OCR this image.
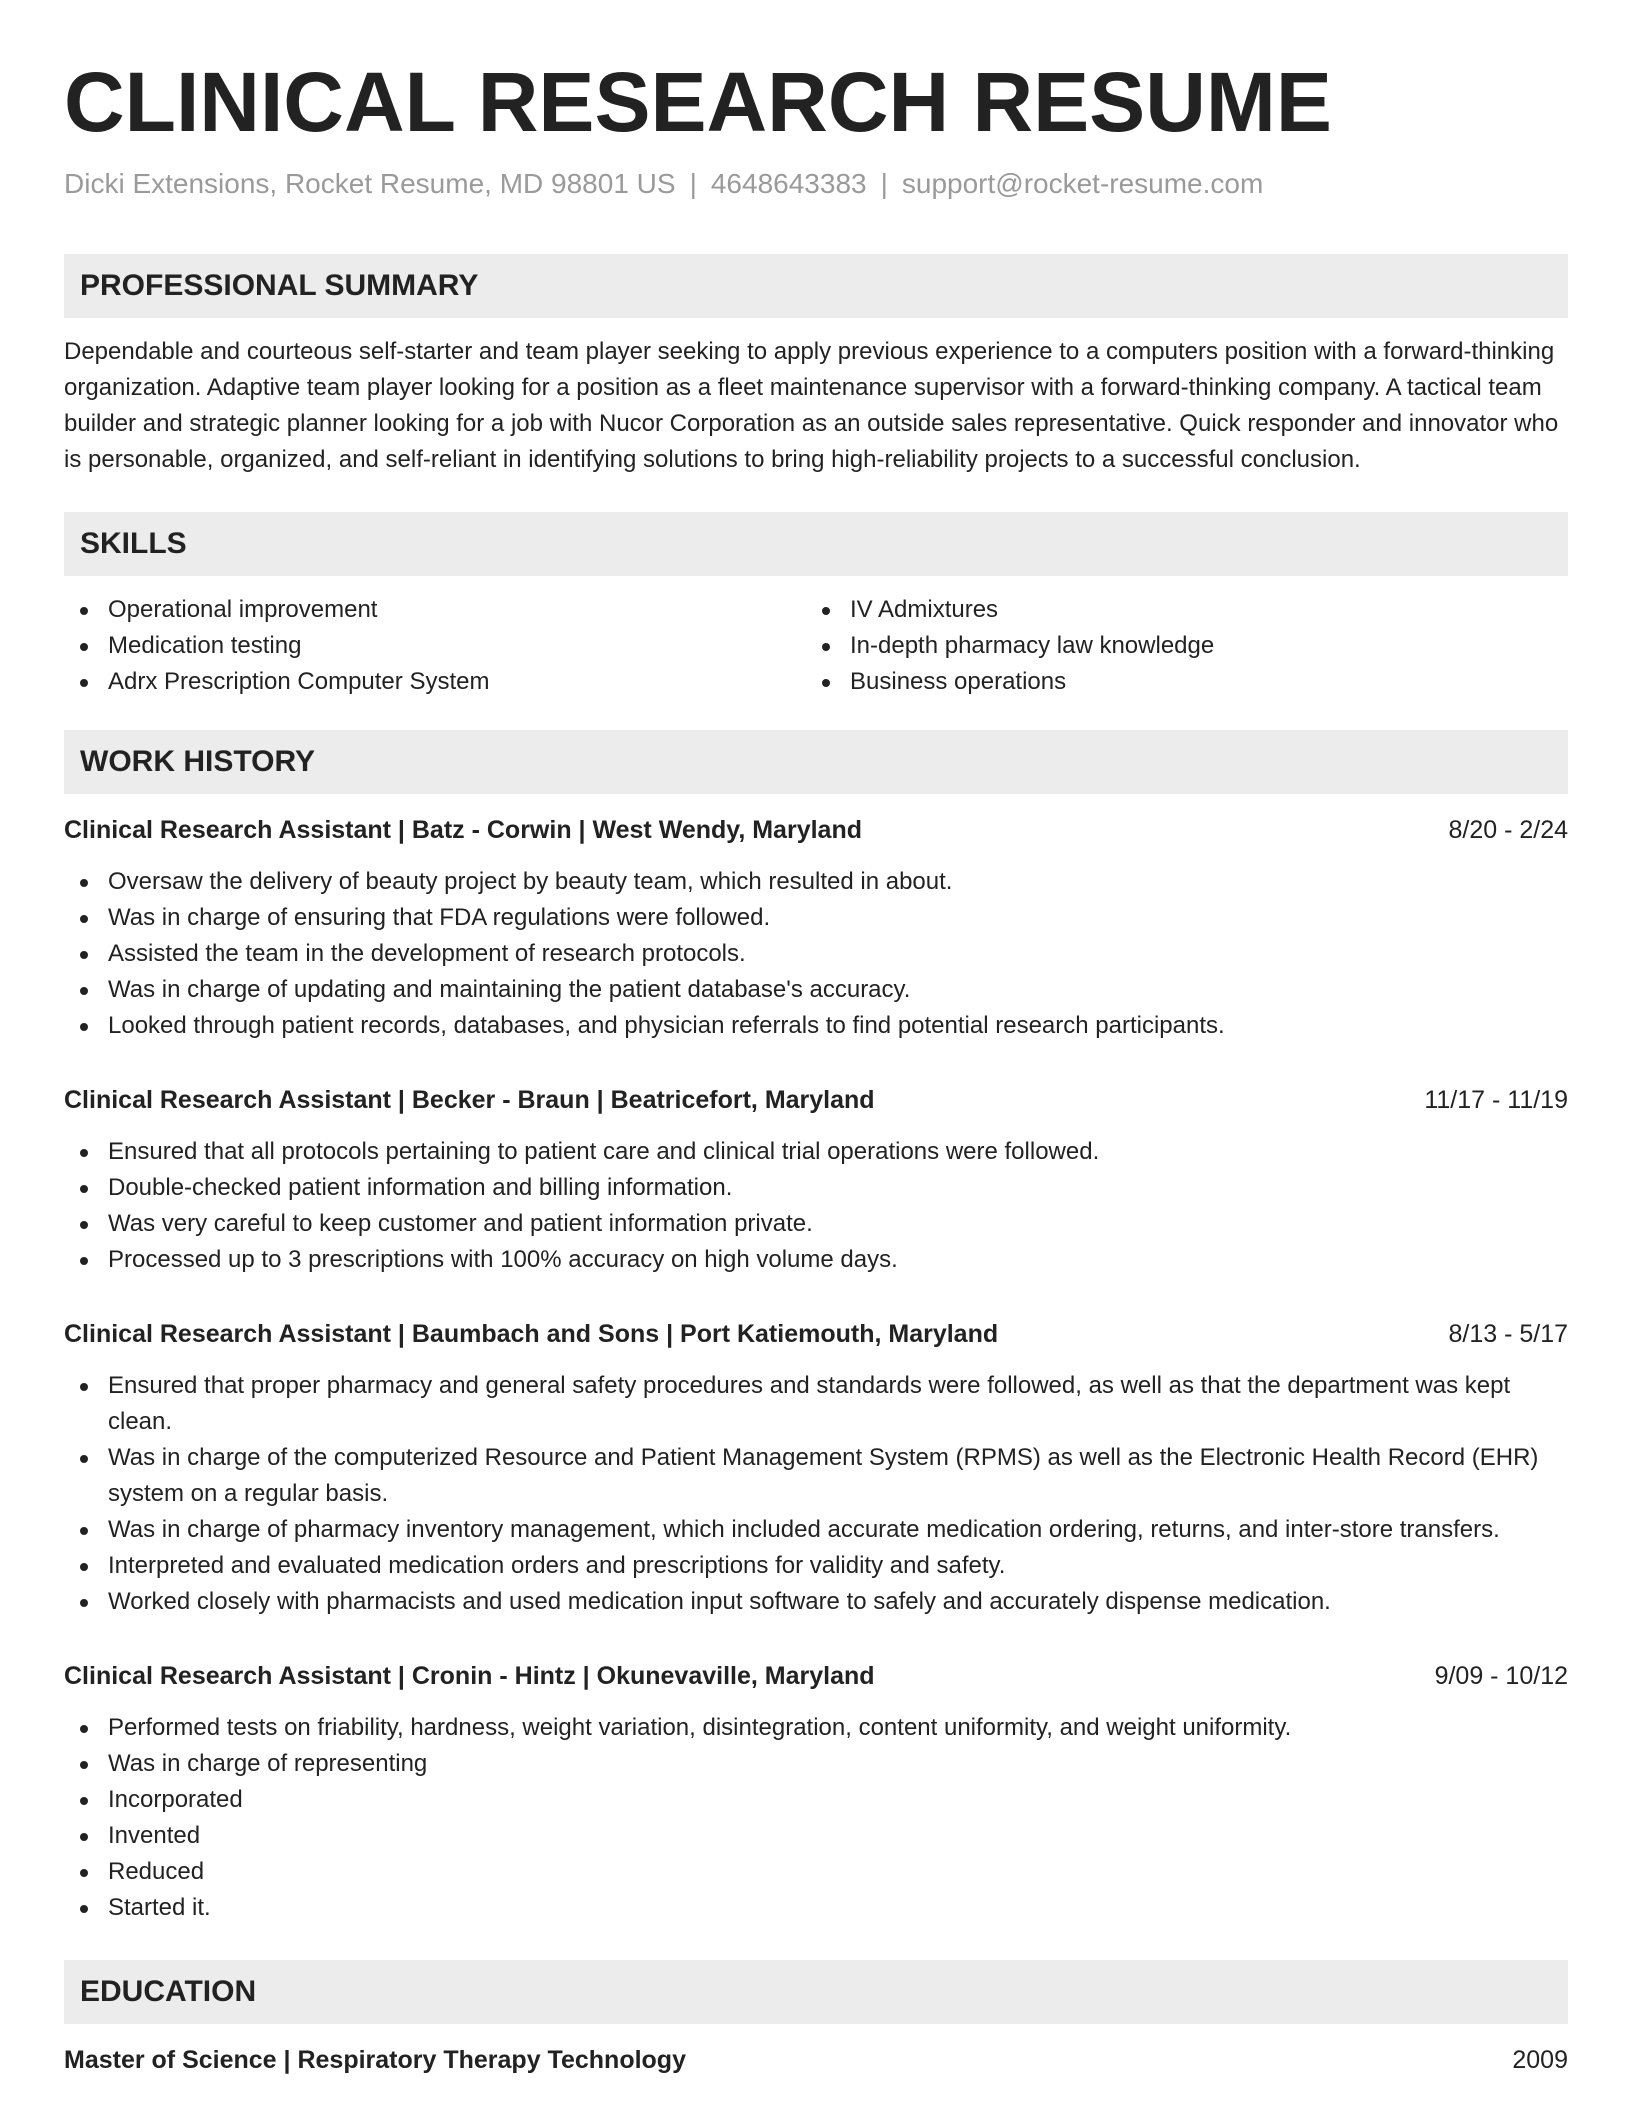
CLINICAL RESEARCH RESUME
Dicki Extensions, Rocket Resume, MD 98801 US | 4648643383 | support@rocket-resume.com
PROFESSIONAL SUMMARY
Dependable and courteous self-starter and team player seeking to apply previous experience to a computers position with a forward-thinking organization. Adaptive team player looking for a position as a fleet maintenance supervisor with a forward-thinking company. A tactical team builder and strategic planner looking for a job with Nucor Corporation as an outside sales representative. Quick responder and innovator who is personable, organized, and self-reliant in identifying solutions to bring high-reliability projects to a successful conclusion.
SKILLS
Operational improvement
Medication testing
Adrx Prescription Computer System
IV Admixtures
In-depth pharmacy law knowledge
Business operations
WORK HISTORY
Clinical Research Assistant | Batz - Corwin | West Wendy, Maryland	8/20 - 2/24
Oversaw the delivery of beauty project by beauty team, which resulted in about.
Was in charge of ensuring that FDA regulations were followed.
Assisted the team in the development of research protocols.
Was in charge of updating and maintaining the patient database's accuracy.
Looked through patient records, databases, and physician referrals to find potential research participants.
Clinical Research Assistant | Becker - Braun | Beatricefort, Maryland	11/17 - 11/19
Ensured that all protocols pertaining to patient care and clinical trial operations were followed.
Double-checked patient information and billing information.
Was very careful to keep customer and patient information private.
Processed up to 3 prescriptions with 100% accuracy on high volume days.
Clinical Research Assistant | Baumbach and Sons | Port Katiemouth, Maryland	8/13 - 5/17
Ensured that proper pharmacy and general safety procedures and standards were followed, as well as that the department was kept clean.
Was in charge of the computerized Resource and Patient Management System (RPMS) as well as the Electronic Health Record (EHR) system on a regular basis.
Was in charge of pharmacy inventory management, which included accurate medication ordering, returns, and inter-store transfers.
Interpreted and evaluated medication orders and prescriptions for validity and safety.
Worked closely with pharmacists and used medication input software to safely and accurately dispense medication.
Clinical Research Assistant | Cronin - Hintz | Okunevaville, Maryland	9/09 - 10/12
Performed tests on friability, hardness, weight variation, disintegration, content uniformity, and weight uniformity.
Was in charge of representing
Incorporated
Invented
Reduced
Started it.
EDUCATION
Master of Science | Respiratory Therapy Technology	2009
